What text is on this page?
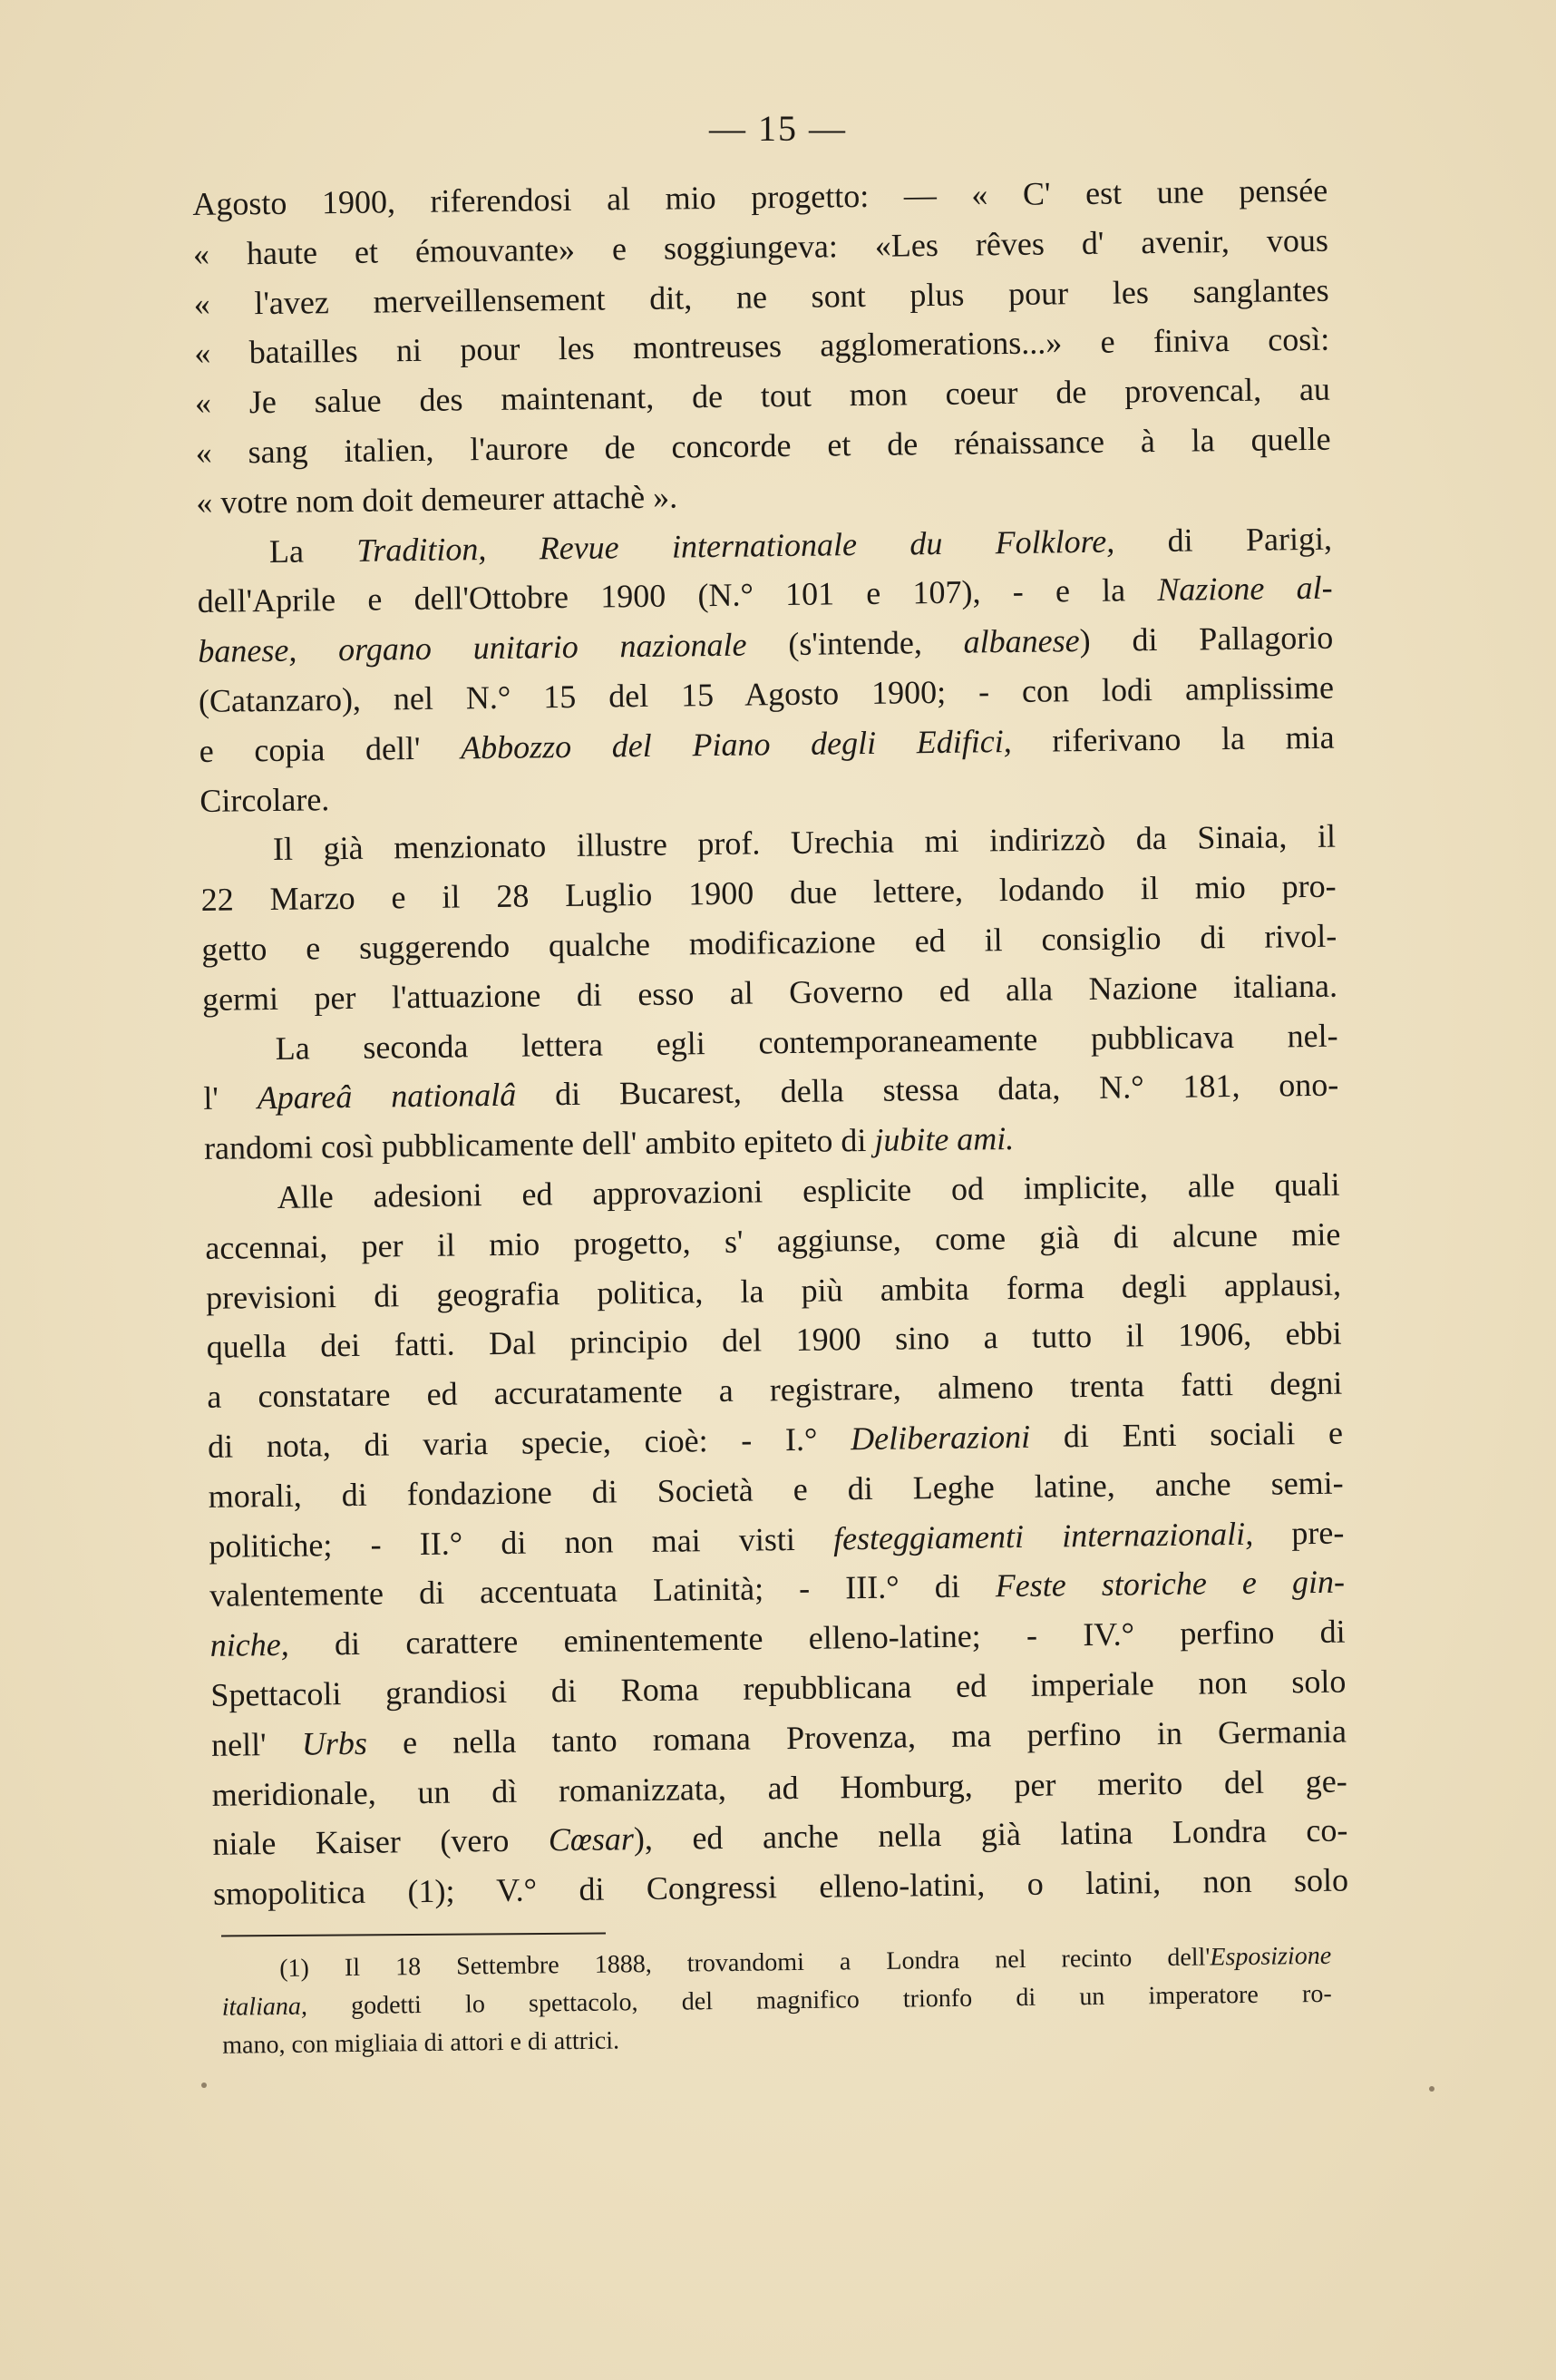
— 15 —
Agosto 1900, riferendosi al mio progetto: — « C' est une pensée
« haute et émouvante» e soggiungeva: «Les rêves d' avenir, vous
« l'avez merveillensement dit, ne sont plus pour les sanglantes
« batailles ni pour les montreuses agglomerations...» e finiva così:
« Je salue des maintenant, de tout mon coeur de provencal, au
« sang italien, l'aurore de concorde et de rénaissance à la quelle
« votre nom doit demeurer attachè ».
La Tradition, Revue internationale du Folklore, di Parigi,
dell'Aprile e dell'Ottobre 1900 (N.° 101 e 107), - e la Nazione al-
banese, organo unitario nazionale (s'intende, albanese) di Pallagorio
(Catanzaro), nel N.° 15 del 15 Agosto 1900; - con lodi amplissime
e copia dell' Abbozzo del Piano degli Edifici, riferivano la mia
Circolare.
Il già menzionato illustre prof. Urechia mi indirizzò da Sinaia, il
22 Marzo e il 28 Luglio 1900 due lettere, lodando il mio pro-
getto e suggerendo qualche modificazione ed il consiglio di rivol-
germi per l'attuazione di esso al Governo ed alla Nazione italiana.
La seconda lettera egli contemporaneamente pubblicava nel-
l' Apareâ nationalâ di Bucarest, della stessa data, N.° 181, ono-
randomi così pubblicamente dell' ambito epiteto di jubite ami.
Alle adesioni ed approvazioni esplicite od implicite, alle quali
accennai, per il mio progetto, s' aggiunse, come già di alcune mie
previsioni di geografia politica, la più ambita forma degli applausi,
quella dei fatti. Dal principio del 1900 sino a tutto il 1906, ebbi
a constatare ed accuratamente a registrare, almeno trenta fatti degni
di nota, di varia specie, cioè: - I.° Deliberazioni di Enti sociali e
morali, di fondazione di Società e di Leghe latine, anche semi-
politiche; - II.° di non mai visti festeggiamenti internazionali, pre-
valentemente di accentuata Latinità; - III.° di Feste storiche e gin-
niche, di carattere eminentemente elleno-latine; - IV.° perfino di
Spettacoli grandiosi di Roma repubblicana ed imperiale non solo
nell' Urbs e nella tanto romana Provenza, ma perfino in Germania
meridionale, un dì romanizzata, ad Homburg, per merito del ge-
niale Kaiser (vero Cœsar), ed anche nella già latina Londra co-
smopolitica (1); V.° di Congressi elleno-latini, o latini, non solo
(1) Il 18 Settembre 1888, trovandomi a Londra nel recinto dell'Esposizione
italiana, godetti lo spettacolo, del magnifico trionfo di un imperatore ro-
mano, con migliaia di attori e di attrici.
